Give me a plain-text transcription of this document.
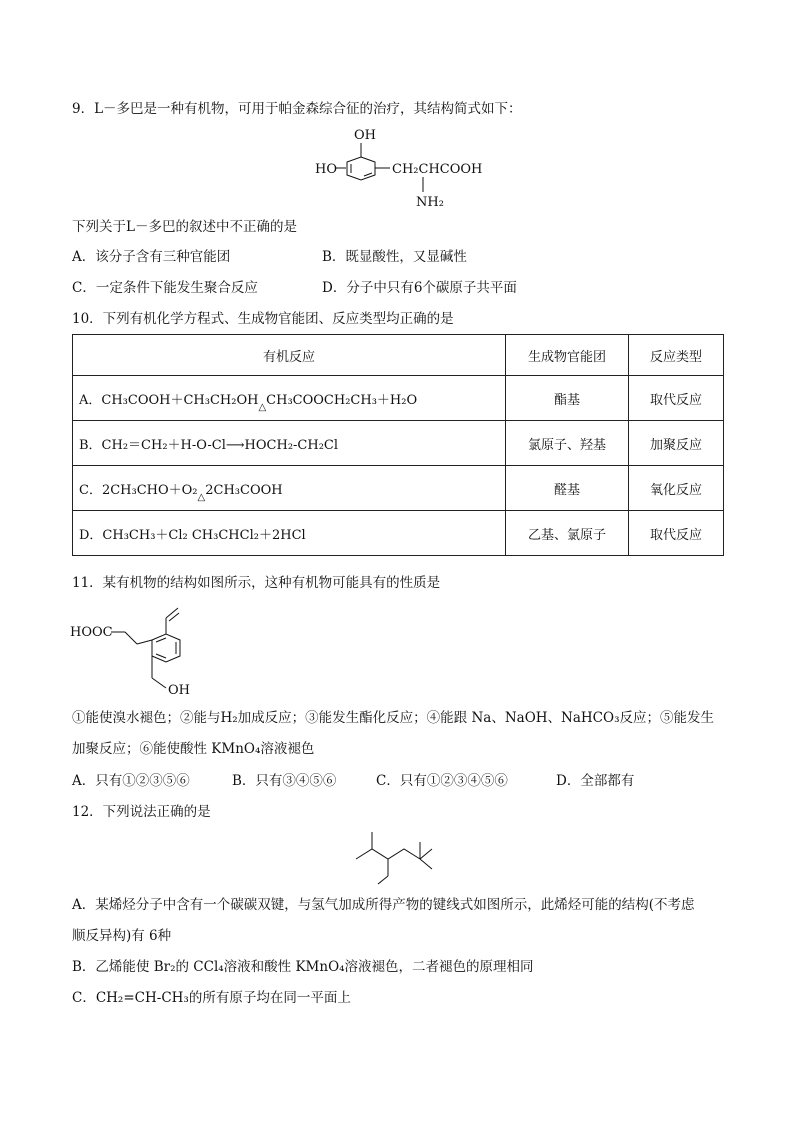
9．L－多巴是一种有机物，可用于帕金森综合征的治疗，其结构简式如下：
OH
HO	CH₂CHCOOH
NH₂
下列关于L－多巴的叙述中不正确的是
A．该分子含有三种官能团	B．既显酸性，又显碱性
C．一定条件下能发生聚合反应	D．分子中只有6个碳原子共平面
10．下列有机化学方程式、生成物官能团、反应类型均正确的是
有机反应	生成物官能团	反应类型
A．$CH_3COOH+CH_3CH_2OH_\triangle CH_3COOCH_2CH_3+H_2O$	酯基	取代反应
B．CH₂＝CH₂＋H-O-Cl⟶HOCH₂-CH₂Cl	氯原子、羟基	加聚反应
C．$2CH_3CHO+O_2_\triangle 2CH_3COOH$	醛基	氧化反应
D．CH₃CH₃＋Cl₂ CH₃CHCl₂＋2HCl	乙基、氯原子	取代反应
11．某有机物的结构如图所示，这种有机物可能具有的性质是
HOOC
OH
①能使溴水褪色；②能与H₂加成反应；③能发生酯化反应；④能跟 Na、NaOH、NaHCO₃反应；⑤能发生
加聚反应；⑥能使酸性 KMnO₄溶液褪色
A．只有①②③⑤⑥	B．只有③④⑤⑥	C．只有①②③④⑤⑥	D．全部都有
12．下列说法正确的是
A．某烯烃分子中含有一个碳碳双键，与氢气加成所得产物的键线式如图所示，此烯烃可能的结构(不考虑
顺反异构)有 6种
B．乙烯能使 Br₂的 CCl₄溶液和酸性 KMnO₄溶液褪色，二者褪色的原理相同
C．CH₂=CH-CH₃的所有原子均在同一平面上
